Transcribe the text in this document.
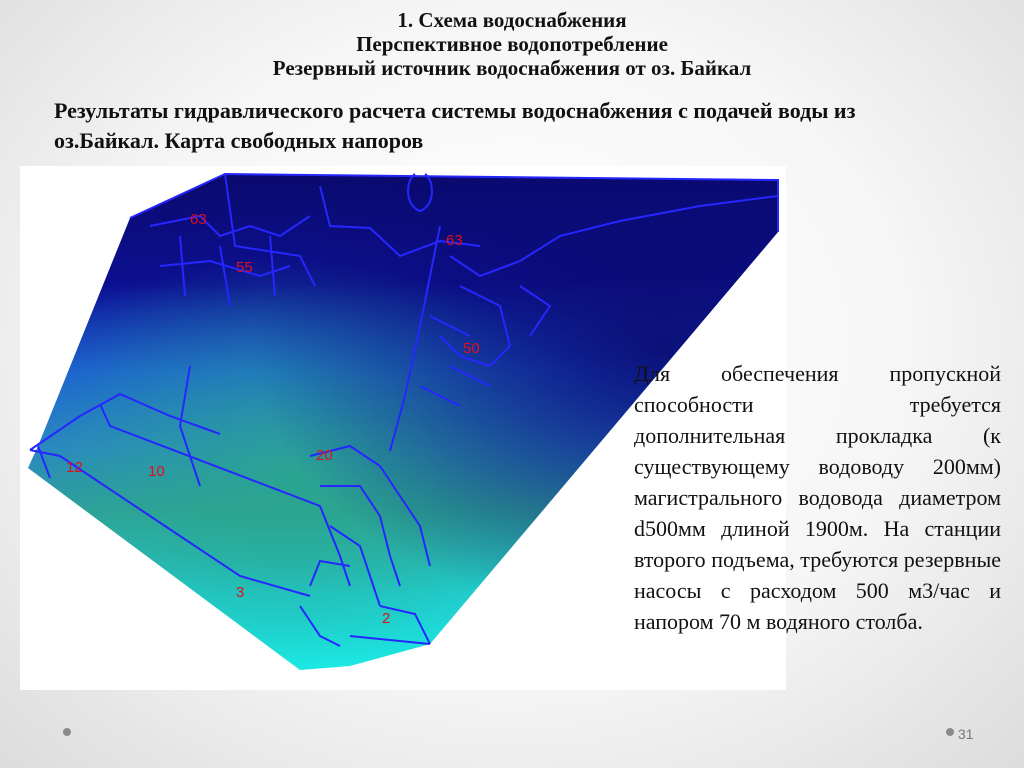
1. Схема водоснабжения
Перспективное водопотребление
Резервный источник водоснабжения от оз. Байкал
Результаты гидравлического расчета системы водоснабжения с подачей воды из оз.Байкал. Карта свободных напоров
63
63
55
50
20
12	10
3
2
Для обеспечения пропускной способности требуется дополнительная прокладка (к существующему водоводу 200мм) магистрального водовода диаметром d500мм длиной 1900м. На станции второго подъема, требуются резервные насосы с расходом 500 м3/час и напором 70 м водяного столба.
31
